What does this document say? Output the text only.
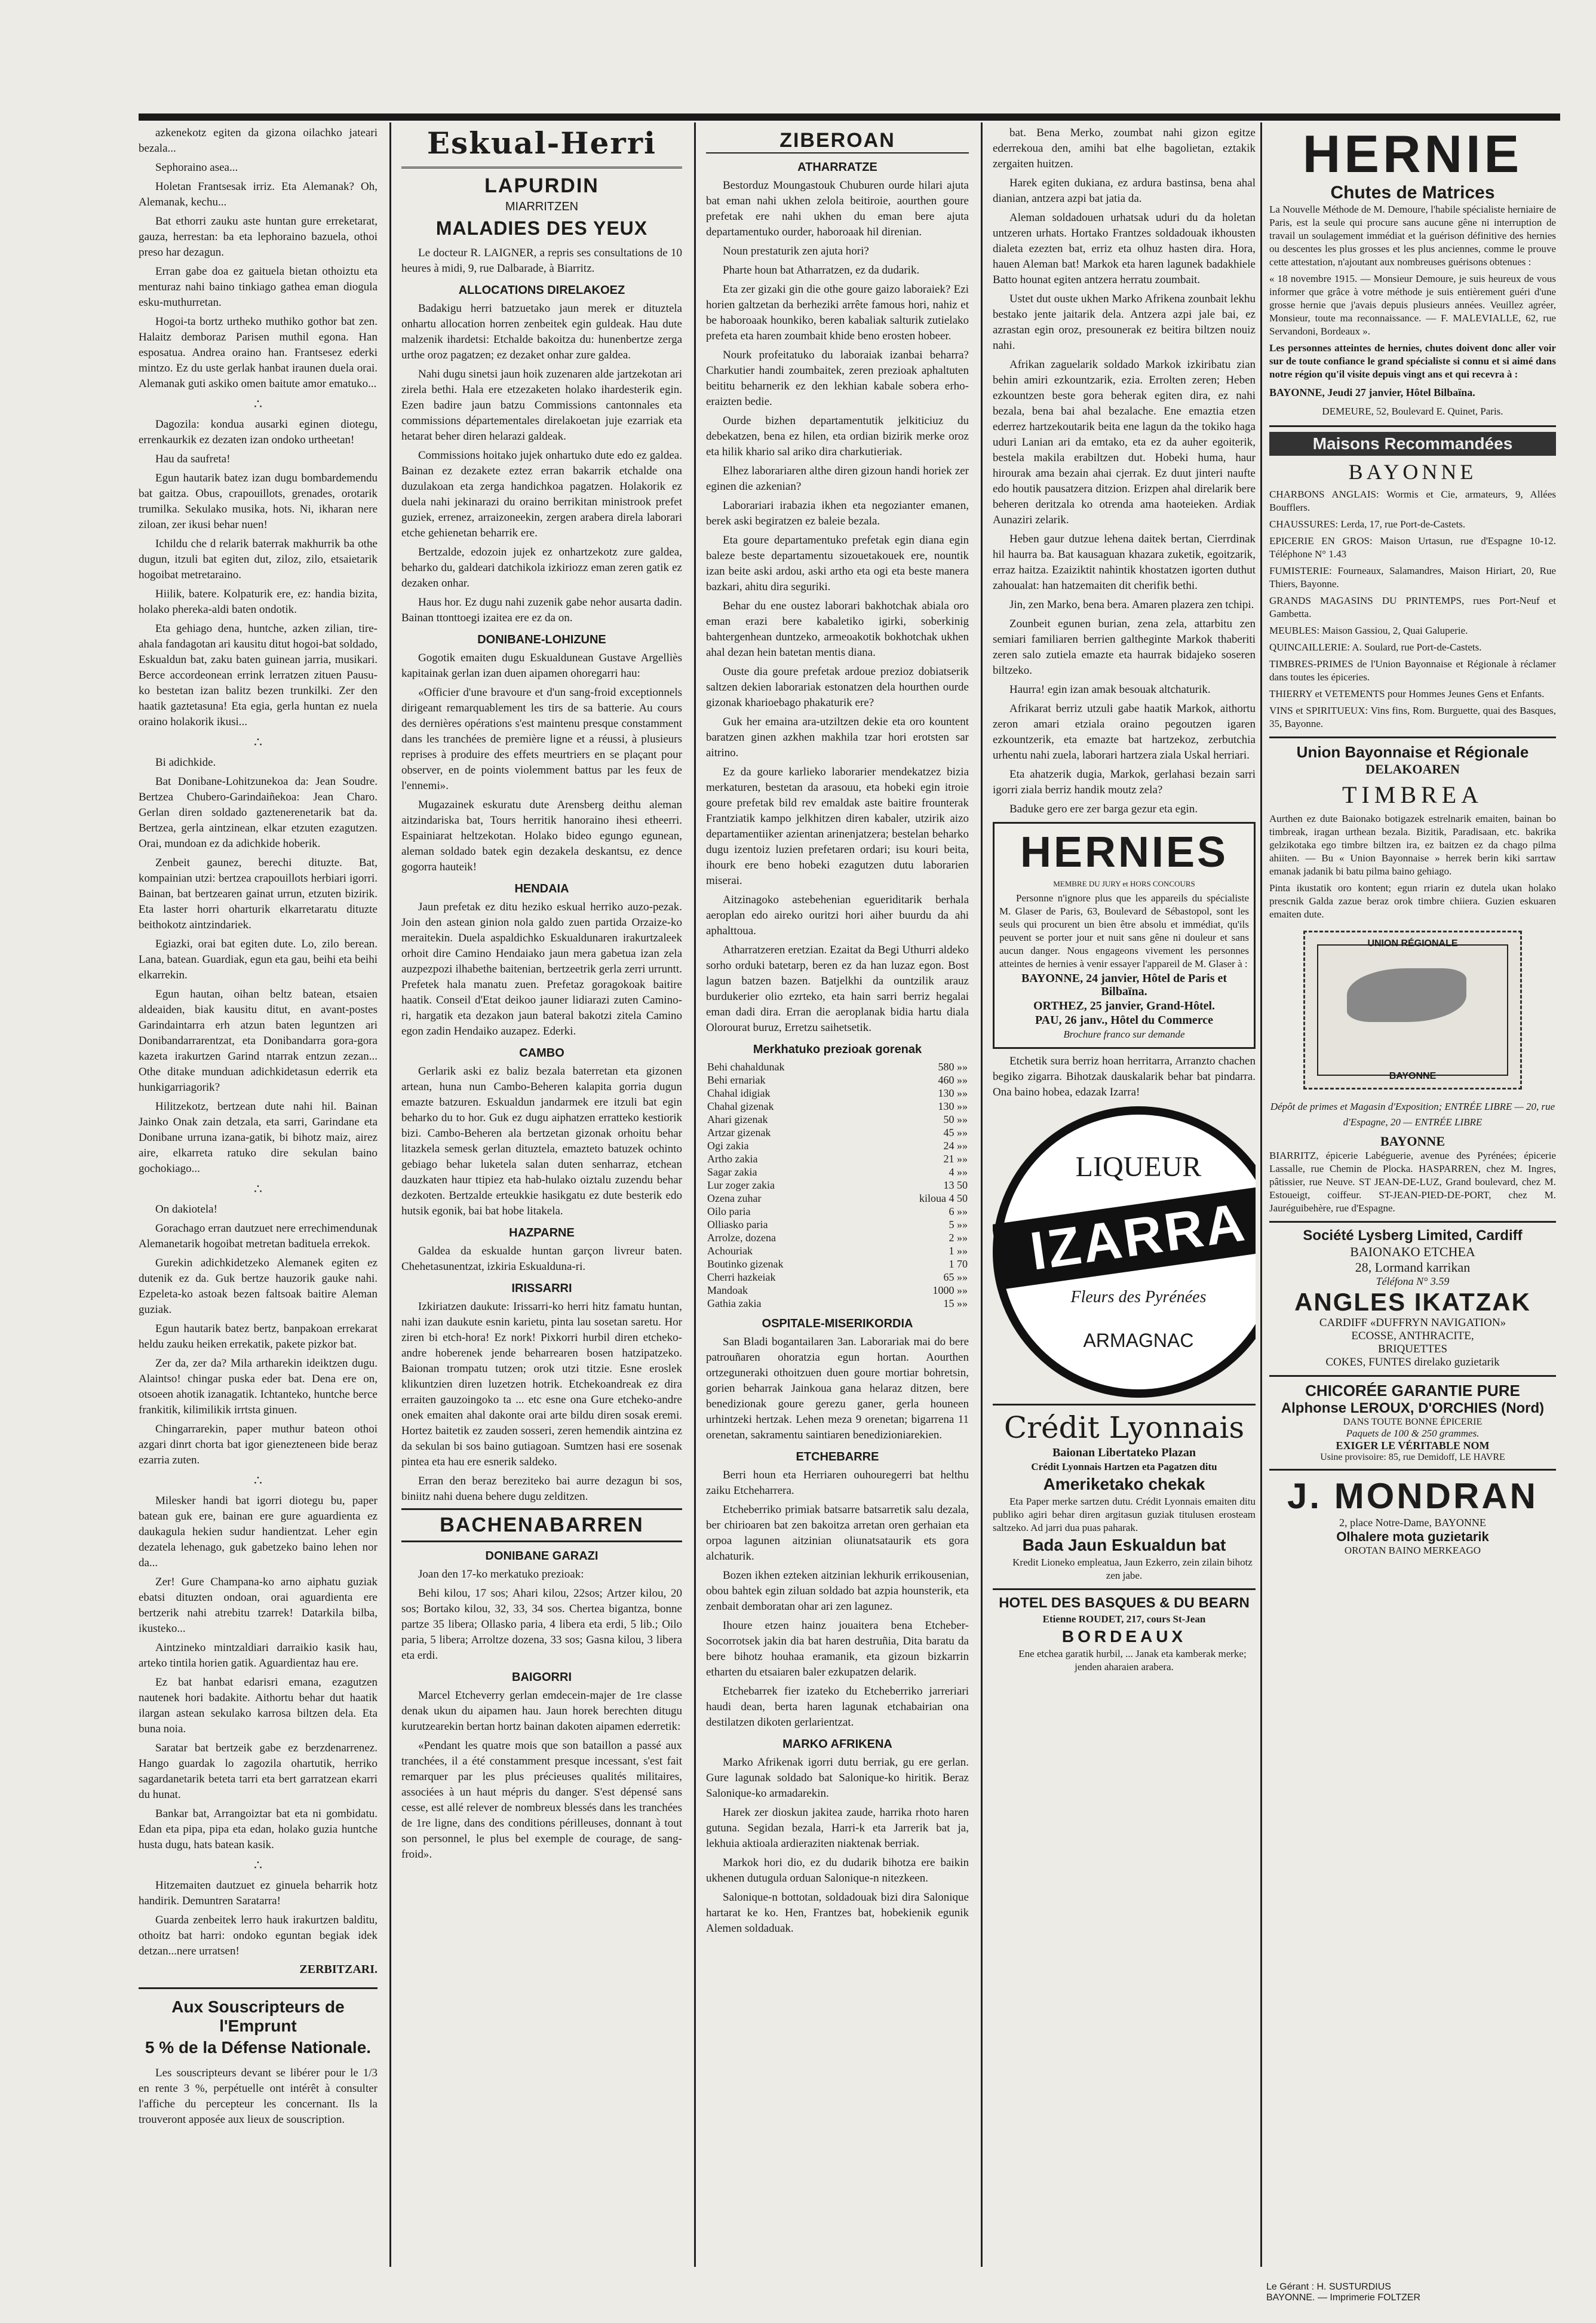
azkenekotz egiten da gizona oilachko jateari bezala...

Sephoraino asea...

Holetan Frantsesak irriz. Eta Alemanak? Oh, Alemanak, kechu...

Bat ethorri zauku aste huntan gure erreketarat, gauza, herrestan: ba eta lephoraino bazuela, othoi preso har dezagun.

Erran gabe doa ez gaituela bietan othoiztu eta menturaz nahi baino tinkiago gathea eman diogula esku-muthurretan.

Hogoi-ta bortz urtheko muthiko gothor bat zen. Halaitz demboraz Parisen muthil egona. Han esposatua. Andrea oraino han. Frantsesez ederki mintzo. Ez du uste gerlak hanbat iraunen duela orai. Alemanak guti askiko omen baitute amor ematuko...

∴

Dagozila: kondua ausarki eginen diotegu, errenkaurkik ez dezaten izan ondoko urtheetan!

Hau da saufreta!

Egun hautarik batez izan dugu bombardemendu bat gaitza. Obus, crapouillots, grenades, orotarik trumilka. Sekulako musika, hots. Ni, ikharan nere ziloan, zer ikusi behar nuen!

Ichildu che d relarik baterrak makhurrik ba othe dugun, itzuli bat egiten dut, ziloz, zilo, etsaietarik hogoibat metretaraino.

Hiilik, batere. Kolpaturik ere, ez: handia bizita, holako phereka-aldi baten ondotik.

Eta gehiago dena, huntche, azken zilian, tire-ahala fandagotan ari kausitu ditut hogoi-bat soldado, Eskualdun bat, zaku baten guinean jarria, musikari. Berce accordeonean errink lerratzen zituen Pausu-ko bestetan izan balitz bezen trunkilki. Zer den haatik gaztetasuna! Eta egia, gerla huntan ez nuela oraino holakorik ikusi...

∴

Bi adichkide.

Bat Donibane-Lohitzunekoa da: Jean Soudre. Bertzea Chubero-Garindaiñekoa: Jean Charo. Gerlan diren soldado gaztenerenetarik bat da. Bertzea, gerla aintzinean, elkar etzuten ezagutzen. Orai, mundoan ez da adichkide hoberik.

Zenbeit gaunez, berechi dituzte. Bat, kompainian utzi: bertzea crapouillots herbiari igorri. Bainan, bat bertzearen gainat urrun, etzuten bizirik. Eta laster horri oharturik elkarretaratu dituzte beithokotz aintzindariek.

Egiazki, orai bat egiten dute. Lo, zilo berean. Lana, batean. Guardiak, egun eta gau, beihi eta beihi elkarrekin.

Egun hautan, oihan beltz batean, etsaien aldeaiden, biak kausitu ditut, en avant-postes Garindaintarra erh atzun baten leguntzen ari Donibandarrarentzat, eta Donibandarra gora-gora kazeta irakurtzen Garind ntarrak entzun zezan... Othe ditake munduan adichkidetasun ederrik eta hunkigarriagorik?

Hilitzekotz, bertzean dute nahi hil. Bainan Jainko Onak zain detzala, eta sarri, Garindane eta Donibane urruna izana-gatik, bi bihotz maiz, airez aire, elkarreta ratuko dire sekulan baino gochokiago...

∴

On dakiotela!

Gorachago erran dautzuet nere errechimendunak Alemanetarik hogoibat metretan badituela errekok.

Gurekin adichkidetzeko Alemanek egiten ez dutenik ez da. Guk bertze hauzorik gauke nahi. Ezpeleta-ko astoak bezen faltsoak baitire Aleman guziak.

Egun hautarik batez bertz, banpakoan errekarat heldu zauku heiken errekatik, pakete pizkor bat.

Zer da, zer da? Mila artharekin ideiktzen dugu. Alaintso! chingar puska eder bat. Dena ere on, otsoeen ahotik izanagatik. Ichtanteko, huntche berce frankitik, kilimilikik irrtsta ginuen.

Chingarrarekin, paper muthur bateon othoi azgari dinrt chorta bat igor gienezteneen bide beraz ezarria zuten.

∴

Milesker handi bat igorri diotegu bu, paper batean guk ere, bainan ere gure aguardienta ez daukagula hekien sudur handientzat. Leher egin dezatela lehenago, guk gabetzeko baino lehen nor da...

Zer! Gure Champana-ko arno aiphatu guziak ebatsi dituzten ondoan, orai aguardienta ere bertzerik nahi atrebitu tzarrek! Datarkila bilba, ikusteko...

Aintzineko mintzaldiari darraikio kasik hau, arteko tintila horien gatik. Aguardientaz hau ere.

Ez bat hanbat edarisri emana, ezagutzen nautenek hori badakite. Aithortu behar dut haatik ilargan astean sekulako karrosa biltzen dela. Eta buna noia.

Saratar bat bertzeik gabe ez berzdenarrenez. Hango guardak lo zagozila ohartutik, herriko sagardanetarik beteta tarri eta bert garratzean ekarri du hunat.

Bankar bat, Arrangoiztar bat eta ni gombidatu. Edan eta pipa, pipa eta edan, holako guzia huntche husta dugu, hats batean kasik.

∴

Hitzemaiten dautzuet ez ginuela beharrik hotz handirik. Demuntren Saratarra!

Guarda zenbeitek lerro hauk irakurtzen balditu, othoitz bat harri: ondoko eguntan begiak idek detzan...nere urratsen!

ZERBITZARI.
Aux Souscripteurs de l'Emprunt
5 % de la Défense Nationale.

Les souscripteurs devant se libérer pour le 1/3 en rente 3 %, perpétuelle ont intérêt à consulter l'affiche du percepteur les concernant. Ils la trouveront apposée aux lieux de souscription.

Eskual-Herri
LAPURDIN
MIARRITZEN
MALADIES DES YEUX

Le docteur R. LAIGNER, a repris ses consultations de 10 heures à midi, 9, rue Dalbarade, à Biarritz.

ALLOCATIONS DIRELAKOEZ

Badakigu herri batzuetako jaun merek er dituztela onhartu allocation horren zenbeitek egin guldeak. Hau dute malzenik ihardetsi: Etchalde bakoitza du: hunenbertze zerga urthe oroz pagatzen; ez dezaket onhar zure galdea.

Nahi dugu sinetsi jaun hoik zuzenaren alde jartzekotan ari zirela bethi. Hala ere etzezaketen holako ihardesterik egin. Ezen badire jaun batzu Commissions cantonnales eta commissions départementales direlakoetan juje ezarriak eta hetarat beher diren helarazi galdeak.

Commissions hoitako jujek onhartuko dute edo ez galdea. Bainan ez dezakete eztez erran bakarrik etchalde ona duzulakoan eta zerga handichkoa pagatzen. Holakorik ez duela nahi jekinarazi du oraino berrikitan ministrook prefet guziek, errenez, arraizoneekin, zergen arabera direla laborari etche gehienetan beharrik ere.

Bertzalde, edozoin jujek ez onhartzekotz zure galdea, beharko du, galdeari datchikola izkiriozz eman zeren gatik ez dezaken onhar.

Haus hor. Ez dugu nahi zuzenik gabe nehor ausarta dadin. Bainan ttonttoegi izaitea ere ez da on.

DONIBANE-LOHIZUNE

Gogotik emaiten dugu Eskualdunean Gustave Argelliès kapitainak gerlan izan duen aipamen ohoregarri hau:

«Officier d'une bravoure et d'un sang-froid exceptionnels dirigeant remarquablement les tirs de sa batterie. Au cours des dernières opérations s'est maintenu presque constamment dans les tranchées de première ligne et a réussi, à plusieurs reprises à produire des effets meurtriers en se plaçant pour observer, en de points violemment battus par les feux de l'ennemi».

Mugazainek eskuratu dute Arensberg deithu aleman aitzindariska bat, Tours herritik hanoraino ihesi etheerri. Espainiarat heltzekotan. Holako bideo egungo egunean, aleman soldado batek egin dezakela deskantsu, ez dence gogorra hauteik!

HENDAIA

Jaun prefetak ez ditu heziko eskual herriko auzo-pezak. Join den astean ginion nola galdo zuen partida Orzaize-ko meraitekin. Duela aspaldichko Eskualdunaren irakurtzaleek orhoit dire Camino Hendaiako jaun mera gabetua izan zela auzpezpozi ilhabethe baitenian, bertzeetrik gerla zerri urruntt. Prefetek hala manatu zuen. Prefetaz goragokoak baitire haatik. Conseil d'Etat deikoo jauner lidiarazi zuten Camino-ri, hargatik eta dezakon jaun bateral bakotzi zitela Camino egon zadin Hendaiko auzapez. Ederki.

CAMBO

Gerlarik aski ez baliz bezala baterretan eta gizonen artean, huna nun Cambo-Beheren kalapita gorria dugun emazte batzuren. Eskualdun jandarmek ere itzuli bat egin beharko du to hor. Guk ez dugu aiphatzen erratteko kestiorik bizi. Cambo-Beheren ala bertzetan gizonak orhoitu behar litazkela semesk gerlan dituztela, emazteto batuzek ochinto gebiago behar luketela salan duten senharraz, etchean dauzkaten haur ttipiez eta hab-hulako oiztalu zuzendu behar dezkoten. Bertzalde erteukkie hasikgatu ez dute besterik edo hutsik egonik, bai bat hobe litakela.

HAZPARNE

Galdea da eskualde huntan garçon livreur baten. Chehetasunentzat, izkiria Eskualduna-ri.

IRISSARRI

Izkiriatzen daukute: Irissarri-ko herri hitz famatu huntan, nahi izan daukute esnin karietu, pinta lau sosetan saretu. Hor ziren bi etch-hora! Ez nork! Pixkorri hurbil diren etcheko-andre hoberenek jende beharrearen bosen hatzipatzeko. Baionan trompatu tutzen; orok utzi titzie. Esne eroslek klikuntzien diren luzetzen hotrik. Etchekoandreak ez dira erraiten gauzoingoko ta ... etc esne ona Gure etcheko-andre onek emaiten ahal dakonte orai arte bildu diren sosak eremi. Hortez baitetik ez zauden sosseri, zeren hemendik aintzina ez da sekulan bi sos baino gutiagoan. Sumtzen hasi ere sosenak pintea eta hau ere esnerik saldeko.

Erran den beraz bereziteko bai aurre dezagun bi sos, biniitz nahi duena behere dugu zelditzen.

BACHENABARREN
DONIBANE GARAZI

Joan den 17-ko merkatuko prezioak:

Behi kilou, 17 sos; Ahari kilou, 22sos; Artzer kilou, 20 sos; Bortako kilou, 32, 33, 34 sos. Chertea bigantza, bonne partze 35 libera; Ollasko paria, 4 libera eta erdi, 5 lib.; Oilo paria, 5 libera; Arroltze dozena, 33 sos; Gasna kilou, 3 libera eta erdi.

BAIGORRI

Marcel Etcheverry gerlan emdecein-majer de 1re classe denak ukun du aipamen hau. Jaun horek berechten ditugu kurutzearekin bertan hortz bainan dakoten aipamen ederretik:

«Pendant les quatre mois que son bataillon a passé aux tranchées, il a été constamment presque incessant, s'est fait remarquer par les plus précieuses qualités militaires, associées à un haut mépris du danger. S'est dépensé sans cesse, est allé relever de nombreux blessés dans les tranchées de 1re ligne, dans des conditions périlleuses, donnant à tout son personnel, le plus bel exemple de courage, de sang-froid».

ZIBEROAN
ATHARRATZE

Bestorduz Moungastouk Chuburen ourde hilari ajuta bat eman nahi ukhen zelola beitiroie, aourthen goure prefetak ere nahi ukhen du eman bere ajuta departamentuko ourder, haboroaak hil direnian.

Noun prestaturik zen ajuta hori?

Pharte houn bat Atharratzen, ez da dudarik.

Eta zer gizaki gin die othe goure gaizo laboraiek? Ezi horien galtzetan da berheziki arrête famous hori, nahiz et be haboroaak hounkiko, beren kabaliak salturik zutielako prefeta eta haren zoumbait khide beno erosten hobeer.

Nourk profeitatuko du laboraiak izanbai beharra? Charkutier handi zoumbaitek, zeren prezioak aphaltuten beititu beharnerik ez den lekhian kabale sobera erho-eraizten bedie.

Ourde bizhen departamentutik jelkiticiuz du debekatzen, bena ez hilen, eta ordian bizirik merke oroz eta hilik khario sal ariko dira charkutieriak.

Elhez laborariaren althe diren gizoun handi horiek zer eginen die azkenian?

Laborariari irabazia ikhen eta negozianter emanen, berek aski begiratzen ez baleie bezala.

Eta goure departamentuko prefetak egin diana egin baleze beste departamentu sizouetakouek ere, nountik izan beite aski ardou, aski artho eta ogi eta beste manera bazkari, ahitu dira seguriki.

Behar du ene oustez laborari bakhotchak abiala oro eman erazi bere kabaletiko igirki, soberkinig bahtergenhean duntzeko, armeoakotik bokhotchak ukhen ahal dezan hein batetan mentis diana.

Ouste dia goure prefetak ardoue prezioz dobiatserik saltzen dekien laborariak estonatzen dela hourthen ourde gizonak kharioebago phakaturik ere?

Guk her emaina ara-utziltzen dekie eta oro kountent baratzen ginen azkhen makhila tzar hori erotsten sar aitrino.

Ez da goure karlieko laborarier mendekatzez bizia merkaturen, bestetan da arasouu, eta hobeki egin itroie goure prefetak bild rev emaldak aste baitire frounterak Frantziatik kampo jelkhitzen diren kabaler, utzirik aizo departamentiiker azientan arinenjatzera; bestelan beharko dugu izentoiz luzien prefetaren ordari; isu kouri beita, ihourk ere beno hobeki ezagutzen dutu laborarien miserai.

Aitzinagoko astebehenian egueriditarik berhala aeroplan edo aireko ouritzi hori aiher buurdu da ahi aphalttoua.

Atharratzeren eretzian. Ezaitat da Begi Uthurri aldeko sorho orduki batetarp, beren ez da han luzaz egon. Bost lagun batzen bazen. Batjelkhi da ountzilik arauz burdukerier olio ezrteko, eta hain sarri berriz hegalai eman dadi dira. Erran die aeroplanak bidia hartu diala Olorourat buruz, Erretzu saihetsetik.

Merkhatuko prezioak gorenak
Behi chahaldunak	580 »»
Behi ernariak	460 »»
Chahal idigiak	130 »»
Chahal gizenak	130 »»
Ahari gizenak	50 »»
Artzar gizenak	45 »»
Ogi zakia	24 »»
Artho zakia	21 »»
Sagar zakia	4 »»
Lur zoger zakia	13 50
Ozena zuhar	kiloua 4 50
Oilo paria	6 »»
Olliasko paria	5 »»
Arrolze, dozena	2 »»
Achouriak	1 »»
Boutinko gizenak	1 70
Cherri hazkeiak	65 »»
Mandoak	1000 »»
Gathia zakia	15 »»
OSPITALE-MISERIKORDIA

San Bladi bogantailaren 3an. Laborariak mai do bere patrouñaren ohoratzia egun hortan. Aourthen ortzeguneraki othoitzuen duen goure mortiar bohretsin, gorien beharrak Jainkoua gana helaraz ditzen, bere benedizionak goure gerezu ganer, gerla houneen urhintzeki hertzak. Lehen meza 9 orenetan; bigarrena 11 orenetan, sakramentu saintiaren benedizioniarekien.

ETCHEBARRE

Berri houn eta Herriaren ouhouregerri bat helthu zaiku Etcheharrera.

Etcheberriko primiak batsarre batsarretik salu dezala, ber chirioaren bat zen bakoitza arretan oren gerhaian eta orpoa lagunen aitzinian oliunatsataurik ets gora alchaturik.

Bozen ikhen ezteken aitzinian lekhurik errikousenian, obou bahtek egin ziluan soldado bat azpia hounsterik, eta zenbait demboratan ohar ari zen lagunez.

Ihoure etzen hainz jouaitera bena Etcheber-Socorrotsek jakin dia bat haren destruñia, Dita baratu da bere bihotz houhaa eramanik, eta gizoun bizkarrin etharten du etsaiaren baler ezkupatzen delarik.

Etchebarrek fier izateko du Etcheberriko jarreriari haudi dean, berta haren lagunak etchabairian ona destilatzen dikoten gerlarientzat.

MARKO AFRIKENA

Marko Afrikenak igorri dutu berriak, gu ere gerlan. Gure lagunak soldado bat Salonique-ko hiritik. Beraz Salonique-ko armadarekin.

Harek zer dioskun jakitea zaude, harrika rhoto haren gutuna. Segidan bezala, Harri-k eta Jarrerik bat ja, lekhuia aktioala ardieraziten niaktenak berriak.

Markok hori dio, ez du dudarik bihotza ere baikin ukhenen dutugula orduan Salonique-n nitezkeen.

Salonique-n bottotan, soldadouak bizi dira Salonique hartarat ke ko. Hen, Frantzes bat, hobekienik egunik Alemen soldaduak.

bat. Bena Merko, zoumbat nahi gizon egitze ederrekoua den, amihi bat elhe bagolietan, eztakik zergaiten huitzen.

Harek egiten dukiana, ez ardura bastinsa, bena ahal dianian, antzera azpi bat jatia da.

Aleman soldadouen urhatsak uduri du da holetan untzeren urhats. Hortako Frantzes soldadouak ikhousten dialeta ezezten bat, erriz eta olhuz hasten dira. Hora, hauen Aleman bat! Markok eta haren lagunek badakhiele Batto hounat egiten antzera herratu zoumbait.

Ustet dut ouste ukhen Marko Afrikena zounbait lekhu bestako jente jaitarik dela. Antzera azpi jale bai, ez azrastan egin oroz, presounerak ez beitira biltzen nouiz nahi.

Afrikan zaguelarik soldado Markok izkiribatu zian behin amiri ezkountzarik, ezia. Errolten zeren; Heben ezkountzen beste gora beherak egiten dira, ez nahi bezala, bena bai ahal bezalache. Ene emaztia etzen ederrez hartzekoutarik beita ene lagun da the tokiko haga uduri Lanian ari da emtako, eta ez da auher egoiterik, bestela makila erabiltzen dut. Hobeki huma, haur hirourak ama bezain ahai cjerrak. Ez duut jinteri naufte edo houtik pausatzera ditzion. Erizpen ahal direlarik bere beheren deritzala ko otrenda ama haoteieken. Ardiak Aunaziri zelarik.

Heben gaur dutzue lehena daitek bertan, Cierrdinak hil haurra ba. Bat kausaguan khazara zuketik, egoitzarik, erraz haitza. Ezaiziktit nahintik khostatzen igorten duthut zahoualat: han hatzemaiten dit cherifik bethi.

Jin, zen Marko, bena bera. Amaren plazera zen tchipi.

Zounbeit egunen burian, zena zela, attarbitu zen semiari familiaren berrien galtheginte Markok thaberiti zeren salo zutiela emazte eta haurrak bidajeko soseren biltzeko.

Haurra! egin izan amak besouak altchaturik.

Afrikarat berriz utzuli gabe haatik Markok, aithortu zeron amari etziala oraino pegoutzen igaren ezkountzerik, eta emazte bat hartzekoz, zerbutchia urhentu nahi zuela, laborari hartzera ziala Uskal herriari.

Eta ahatzerik dugia, Markok, gerlahasi bezain sarri igorri ziala berriz handik moutz zela?

Baduke gero ere zer barga gezur eta egin.

HERNIES
MEMBRE DU JURY et HORS CONCOURS

Personne n'ignore plus que les appareils du spécialiste M. Glaser de Paris, 63, Boulevard de Sébastopol, sont les seuls qui procurent un bien être absolu et immédiat, qu'ils peuvent se porter jour et nuit sans gêne ni douleur et sans aucun danger. Nous engageons vivement les personnes atteintes de hernies à venir essayer l'appareil de M. Glaser à :

BAYONNE, 24 janvier, Hôtel de Paris et Bilbaïna.
ORTHEZ, 25 janvier, Grand-Hôtel.
PAU, 26 janv., Hôtel du Commerce
Brochure franco sur demande

Etchetik sura berriz hoan herritarra, Arranzto chachen begiko zigarra. Bihotzak dauskalarik behar bat pindarra. Ona baino hobea, edazak Izarra!

LIQUEUR
IZARRA
Fleurs des Pyrénées
ARMAGNAC
Crédit Lyonnais
Baionan Libertateko Plazan
Crédit Lyonnais Hartzen eta Pagatzen ditu
Ameriketako chekak

Eta Paper merke sartzen dutu. Crédit Lyonnais emaiten ditu publiko agiri behar diren argitasun guziak titulusen erosteam saltzeko. Ad jarri dua puas paharak.

Bada Jaun Eskualdun bat

Kredit Lioneko empleatua, Jaun Ezkerro, zein zilain bihotz zen jabe.

HOTEL DES BASQUES & DU BEARN
Etienne ROUDET, 217, cours St-Jean
BORDEAUX

Ene etchea garatik hurbil, ... Janak eta kamberak merke; jenden aharaien arabera.

HERNIE
Chutes de Matrices

La Nouvelle Méthode de M. Demoure, l'habile spécialiste herniaire de Paris, est la seule qui procure sans aucune gêne ni interruption de travail un soulagement immédiat et la guérison définitive des hernies ou descentes les plus grosses et les plus anciennes, comme le prouve cette attestation, n'ajoutant aux nombreuses guérisons obtenues :

« 18 novembre 1915. — Monsieur Demoure, je suis heureux de vous informer que grâce à votre méthode je suis entièrement guéri d'une grosse hernie que j'avais depuis plusieurs années. Veuillez agréer, Monsieur, toute ma reconnaissance. — F. MALEVIALLE, 62, rue Servandoni, Bordeaux ».

Les personnes atteintes de hernies, chutes doivent donc aller voir sur de toute confiance le grand spécialiste si connu et si aimé dans notre région qu'il visite depuis vingt ans et qui recevra à :

BAYONNE, Jeudi 27 janvier, Hôtel Bilbaïna.

DEMEURE, 52, Boulevard E. Quinet, Paris.

Maisons Recommandées
BAYONNE

CHARBONS ANGLAIS: Wormis et Cie, armateurs, 9, Allées Boufflers.

CHAUSSURES: Lerda, 17, rue Port-de-Castets.

EPICERIE EN GROS: Maison Urtasun, rue d'Espagne 10-12. Téléphone N° 1.43

FUMISTERIE: Fourneaux, Salamandres, Maison Hiriart, 20, Rue Thiers, Bayonne.

GRANDS MAGASINS DU PRINTEMPS, rues Port-Neuf et Gambetta.

MEUBLES: Maison Gassiou, 2, Quai Galuperie.

QUINCAILLERIE: A. Soulard, rue Port-de-Castets.

TIMBRES-PRIMES de l'Union Bayonnaise et Régionale à réclamer dans toutes les épiceries.

THIERRY et VETEMENTS pour Hommes Jeunes Gens et Enfants.

VINS et SPIRITUEUX: Vins fins, Rom. Burguette, quai des Basques, 35, Bayonne.

Union Bayonnaise et Régionale
DELAKOAREN
TIMBREA

Aurthen ez dute Baionako botigazek estrelnarik emaiten, bainan bo timbreak, iragan urthean bezala. Bizitik, Paradisaan, etc. bakrika gelzikotaka ego timbre biltzen ira, ez baitzen ez da chago pilma ahiiten. — Bu « Union Bayonnaise » herrek berin kiki sarrtaw emanak jadanik bi batu pilma baino gehiago.

Pinta ikustatik oro kontent; egun rriarin ez dutela ukan holako prescnik Galda zazue beraz orok timbre chiiera. Guzien eskuaren emaiten dute.

UNION RÉGIONALE
BAYONNE

Dépôt de primes et Magasin d'Exposition; ENTRÉE LIBRE — 20, rue d'Espagne, 20 — ENTRÉE LIBRE

BAYONNE

BIARRITZ, épicerie Labéguerie, avenue des Pyrénées; épicerie Lassalle, rue Chemin de Plocka. HASPARREN, chez M. Ingres, pâtissier, rue Neuve. ST JEAN-DE-LUZ, Grand boulevard, chez M. Estoueigt, coiffeur. ST-JEAN-PIED-DE-PORT, chez M. Jauréguibehère, rue d'Espagne.

Société Lysberg Limited, Cardiff
BAIONAKO ETCHEA
28, Lormand karrikan
Téléfona N° 3.59
ANGLES IKATZAK
CARDIFF «DUFFRYN NAVIGATION»
ECOSSE, ANTHRACITE,
BRIQUETTES
COKES, FUNTES direlako guzietarik
CHICORÉE GARANTIE PURE
Alphonse LEROUX, D'ORCHIES (Nord)
DANS TOUTE BONNE ÉPICERIE
Paquets de 100 & 250 grammes.
EXIGER LE VÉRITABLE NOM
Usine provisoire: 85, rue Demidoff, LE HAVRE
J. MONDRAN
2, place Notre-Dame, BAYONNE
Olhalere mota guzietarik
OROTAN BAINO MERKEAGO
Le Gérant : H. SUSTURDIUS
BAYONNE. — Imprimerie FOLTZER
